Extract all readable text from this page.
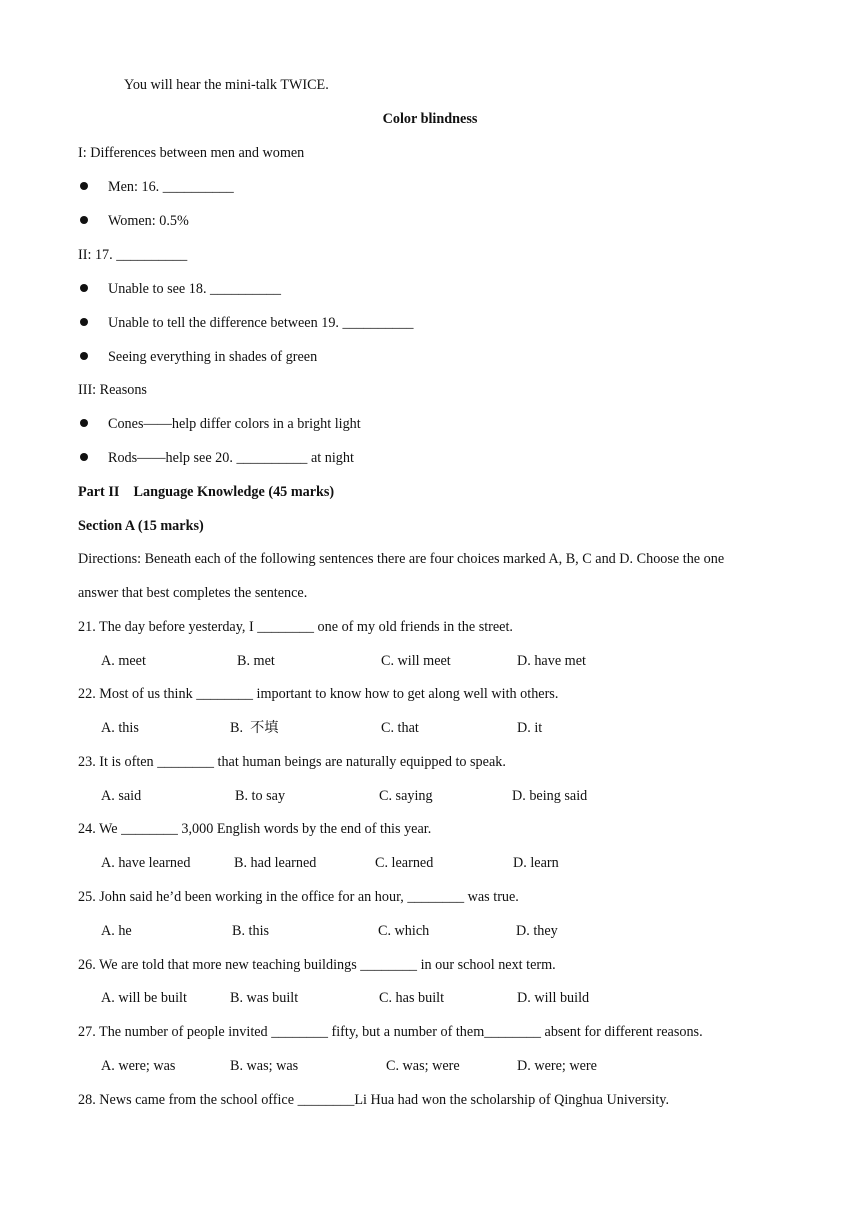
You will hear the mini-talk TWICE.
Color blindness
I: Differences between men and women
Men: 16. __________
Women: 0.5%
II: 17. __________
Unable to see 18. __________
Unable to tell the difference between 19. __________
Seeing everything in shades of green
III: Reasons
Cones——help differ colors in a bright light
Rods——help see 20. __________ at night
Part II    Language Knowledge (45 marks)
Section A (15 marks)
Directions: Beneath each of the following sentences there are four choices marked A, B, C and D. Choose the one
answer that best completes the sentence.
21. The day before yesterday, I ________ one of my old friends in the street.
A. meet	B. met	C. will meet	D. have met
22. Most of us think ________ important to know how to get along well with others.
A. this	B.  不填	C. that	D. it
23. It is often ________ that human beings are naturally equipped to speak.
A. said	B. to say	C. saying	D. being said
24. We ________ 3,000 English words by the end of this year.
A. have learned	B. had learned	C. learned	D. learn
25. John said he’d been working in the office for an hour, ________ was true.
A. he	B. this	C. which	D. they
26. We are told that more new teaching buildings ________ in our school next term.
A. will be built	B. was built	C. has built	D. will build
27. The number of people invited ________ fifty, but a number of them________ absent for different reasons.
A. were; was	B. was; was	C. was; were	D. were; were
28. News came from the school office ________Li Hua had won the scholarship of Qinghua University.
